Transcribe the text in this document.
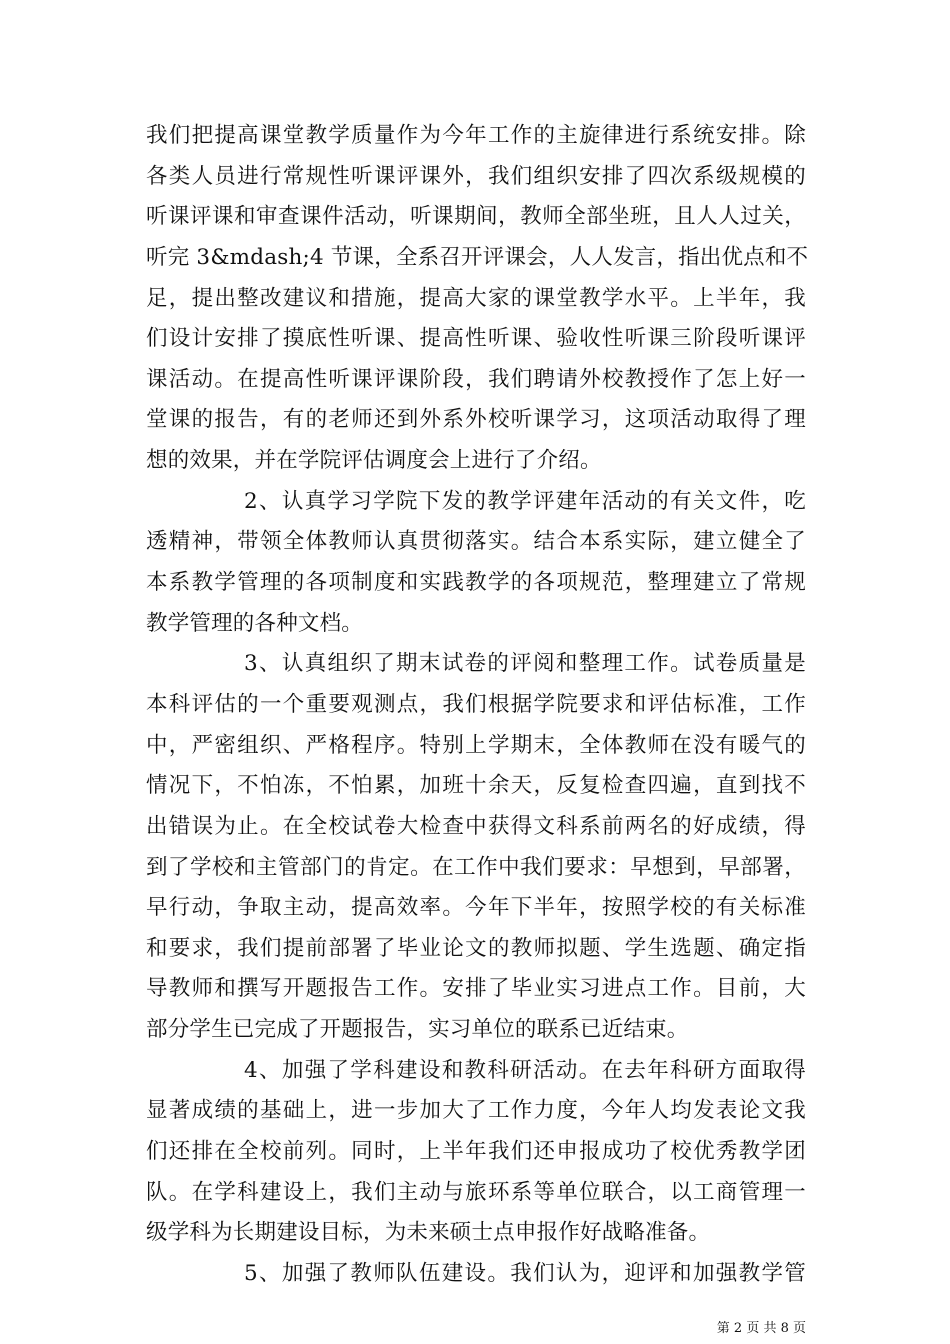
我们把提高课堂教学质量作为今年工作的主旋律进行系统安排。除
各类人员进行常规性听课评课外，我们组织安排了四次系级规模的
听课评课和审查课件活动，听课期间，教师全部坐班，且人人过关，
听完 3&mdash;4 节课，全系召开评课会，人人发言，指出优点和不
足，提出整改建议和措施，提高大家的课堂教学水平。上半年，我
们设计安排了摸底性听课、提高性听课、验收性听课三阶段听课评
课活动。在提高性听课评课阶段，我们聘请外校教授作了怎上好一
堂课的报告，有的老师还到外系外校听课学习，这项活动取得了理
想的效果，并在学院评估调度会上进行了介绍。
2、认真学习学院下发的教学评建年活动的有关文件，吃
透精神，带领全体教师认真贯彻落实。结合本系实际，建立健全了
本系教学管理的各项制度和实践教学的各项规范，整理建立了常规
教学管理的各种文档。
3、认真组织了期末试卷的评阅和整理工作。试卷质量是
本科评估的一个重要观测点，我们根据学院要求和评估标准，工作
中，严密组织、严格程序。特别上学期末，全体教师在没有暖气的
情况下，不怕冻，不怕累，加班十余天，反复检查四遍，直到找不
出错误为止。在全校试卷大检查中获得文科系前两名的好成绩，得
到了学校和主管部门的肯定。在工作中我们要求：早想到，早部署，
早行动，争取主动，提高效率。今年下半年，按照学校的有关标准
和要求，我们提前部署了毕业论文的教师拟题、学生选题、确定指
导教师和撰写开题报告工作。安排了毕业实习进点工作。目前，大
部分学生已完成了开题报告，实习单位的联系已近结束。
4、加强了学科建设和教科研活动。在去年科研方面取得
显著成绩的基础上，进一步加大了工作力度，今年人均发表论文我
们还排在全校前列。同时，上半年我们还申报成功了校优秀教学团
队。在学科建设上，我们主动与旅环系等单位联合，以工商管理一
级学科为长期建设目标，为未来硕士点申报作好战略准备。
5、加强了教师队伍建设。我们认为，迎评和加强教学管
第 2 页 共 8 页
